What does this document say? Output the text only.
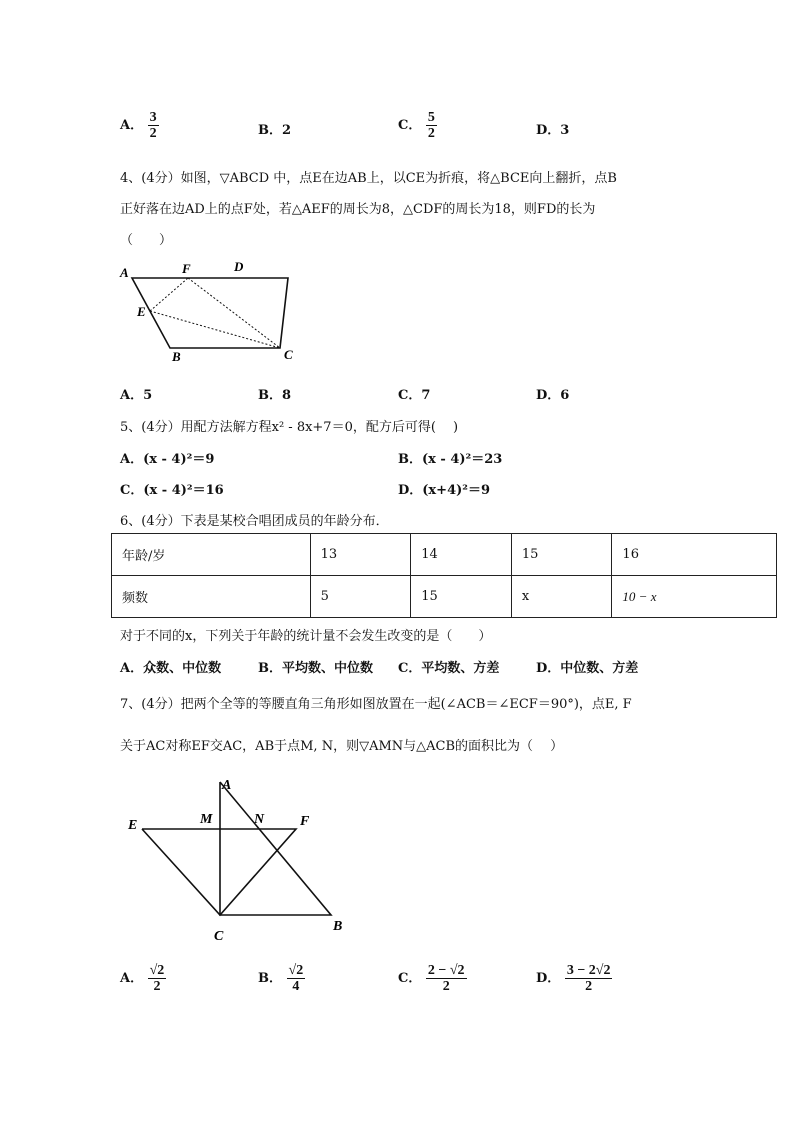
A． $\frac{3}{2}$	B．2	C． $\frac{5}{2}$	D．3
4、(4分）如图，▽ABCD 中，点E在边AB上，以CE为折痕，将△BCE向上翻折，点B
正好落在边AD上的点F处，若△AEF的周长为8，△CDF的周长为18，则FD的长为
（　　）
A	F	D
E
B	C
A．5	B．8	C．7	D．6
5、(4分）用配方法解方程x² - 8x+7＝0，配方后可得(　 )
A．(x - 4)²＝9	B．(x - 4)²＝23
C．(x - 4)²＝16	D．(x+4)²＝9
6、(4分）下表是某校合唱团成员的年龄分布．
年龄/岁	13	14	15	16
频数	5	15	x	10 − x
对于不同的x，下列关于年龄的统计量不会发生改变的是（　　）
A．众数、中位数	B．平均数、中位数 C．平均数、方差	D．中位数、方差
7、(4分）把两个全等的等腰直角三角形如图放置在一起(∠ACB＝∠ECF＝90°)，点E, F
关于AC对称EF交AC，AB于点M, N，则▽AMN与△ACB的面积比为（　 ）
A
M	N
E	F
C
B
A． $\frac{√2}{2}$	B． $\frac{√2}{4}$	C． $\frac{2 - √2}{2}$	D． $\frac{3 - 2√2}{2}$
